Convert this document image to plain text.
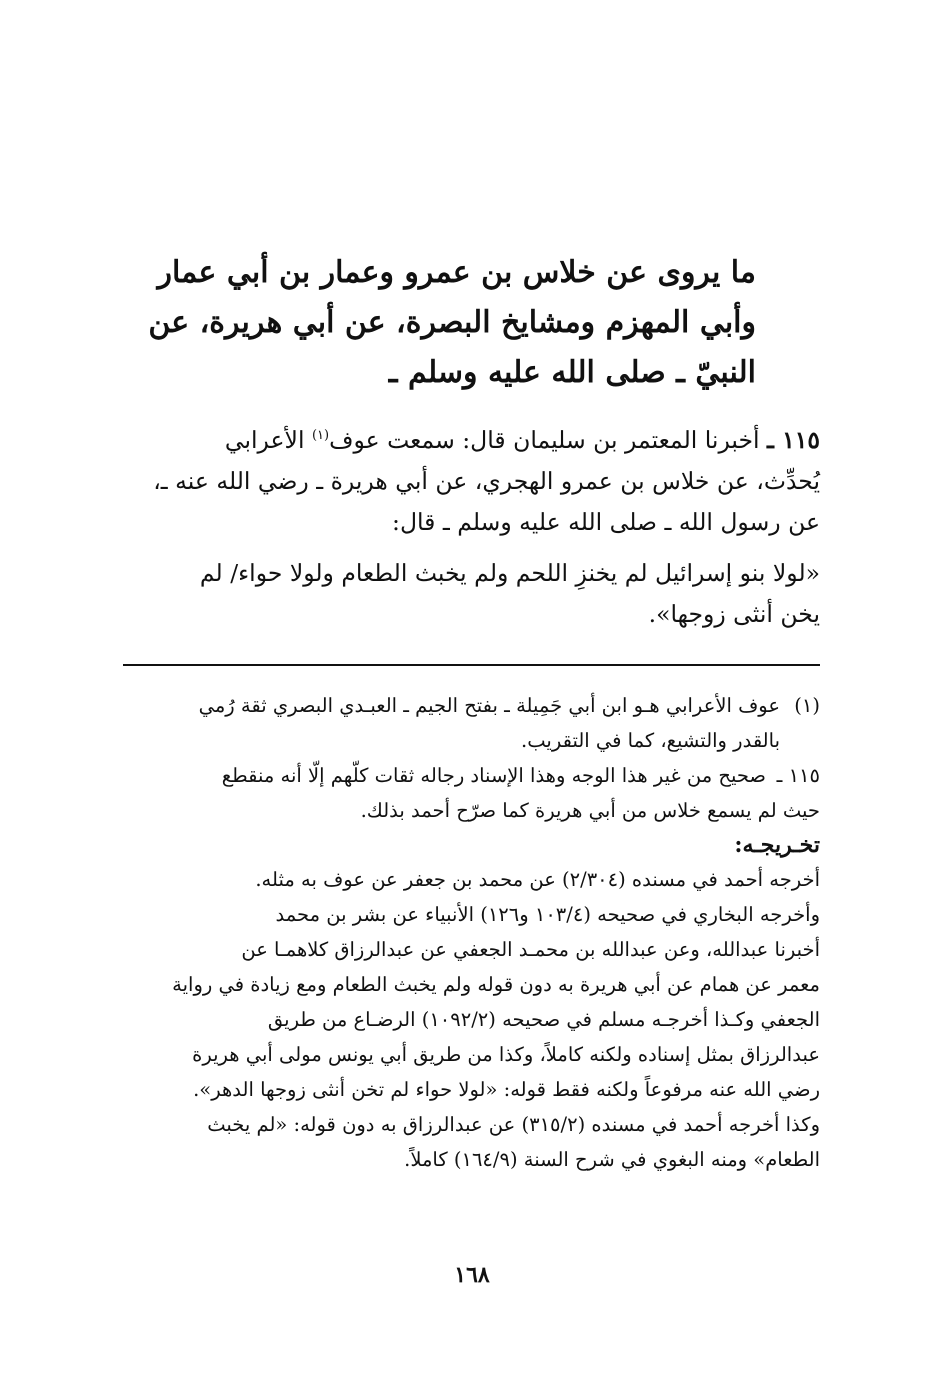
ما يروى عن خلاس بن عمرو وعمار بن أبي عمار
وأبي المهزم ومشايخ البصرة، عن أبي هريرة، عن
النبيّ ـ صلى الله عليه وسلم ـ

١١٥ ـ أخبرنا المعتمر بن سليمان قال: سمعت عوف$^{(١)}$ الأعرابي
يُحدِّث، عن خلاس بن عمرو الهجري، عن أبي هريرة ـ رضي الله عنه ـ،
عن رسول الله ـ صلى الله عليه وسلم ـ قال:

«لولا بنو إسرائيل لم يخنزِ اللحم ولم يخبث الطعام ولولا حواء/ لم
يخن أنثى زوجها».

(١)
عوف الأعرابي هـو ابن أبي جَمِيلة ـ بفتح الجيم ـ العبـدي البصري ثقة رُمي
بالقدر والتشيع، كما في التقريب.
١١٥ ـ
صحيح من غير هذا الوجه وهذا الإسناد رجاله ثقات كلّهم إلّا أنه منقطع
حيث لم يسمع خلاس من أبي هريرة كما صرّح أحمد بذلك.

تخـريجـه:

أخرجه أحمد في مسنده (٢/٣٠٤) عن محمد بن جعفر عن عوف به مثله.
وأخرجه البخاري في صحيحه (١٠٣/٤ و١٢٦) الأنبياء عن بشر بن محمد
أخبرنا عبدالله، وعن عبدالله بن محمـد الجعفي عن عبدالرزاق كلاهمـا عن
معمر عن همام عن أبي هريرة به دون قوله ولم يخبث الطعام ومع زيادة في رواية
الجعفي وكـذا أخرجـه مسلم في صحيحه (١٠٩٢/٢) الرضـاع من طريق
عبدالرزاق بمثل إسناده ولكنه كاملاً، وكذا من طريق أبي يونس مولى أبي هريرة
رضي الله عنه مرفوعاً ولكنه فقط قوله: «لولا حواء لم تخن أنثى زوجها الدهر».
وكذا أخرجه أحمد في مسنده (٣١٥/٢) عن عبدالرزاق به دون قوله: «لم يخبث
الطعام» ومنه البغوي في شرح السنة (١٦٤/٩) كاملاً.
١٦٨
